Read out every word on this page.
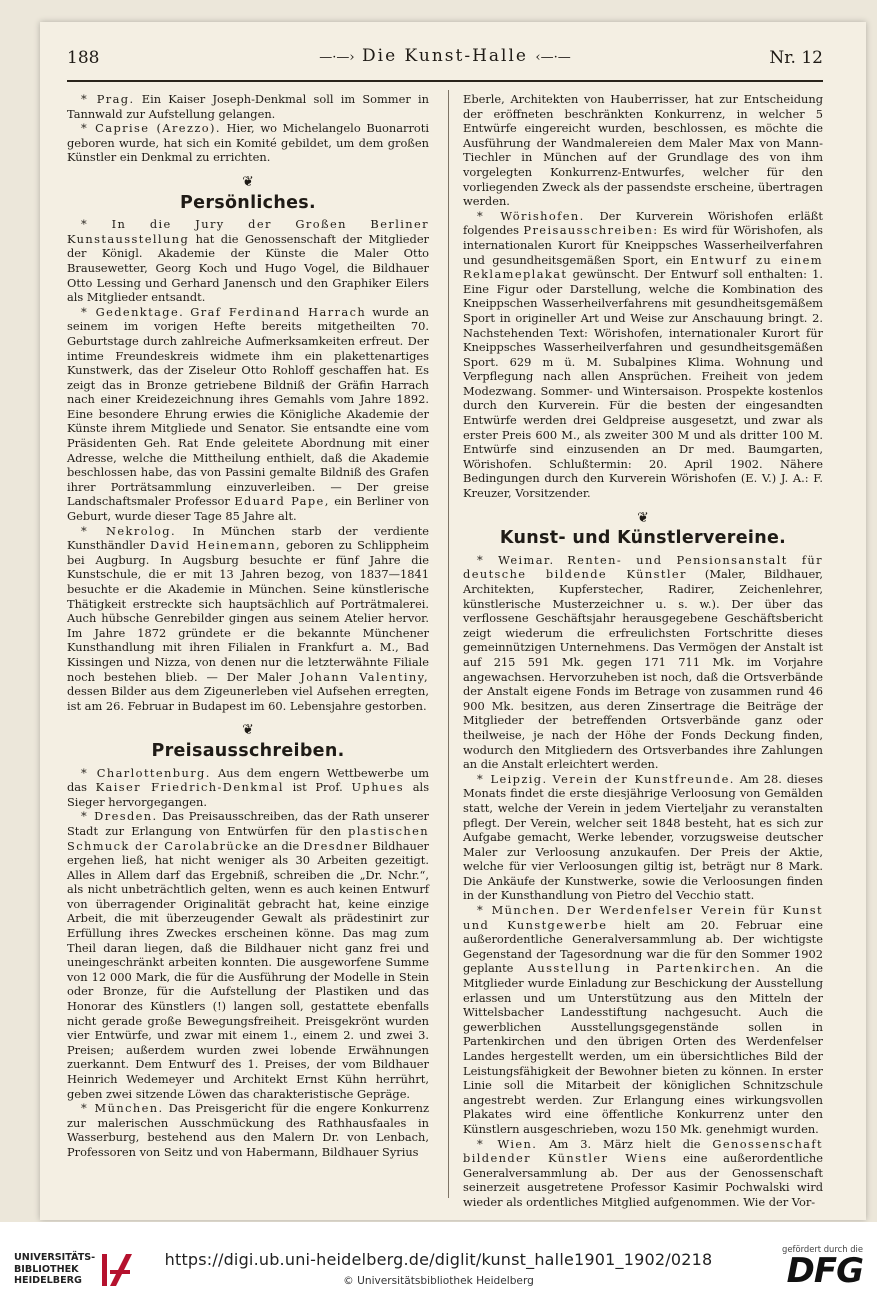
188	—·—› Die Kunst-Halle ‹—·—	Nr. 12

* Prag. Ein Kaiser Joseph-Denkmal soll im Sommer in Tannwald zur Aufstellung gelangen.

* Caprise (Arezzo). Hier, wo Michelangelo Buonarroti geboren wurde, hat sich ein Komité gebildet, um dem großen Künstler ein Denkmal zu errichten.

❦
Persönliches.

* In die Jury der Großen Berliner Kunstausstellung hat die Genossenschaft der Mitglieder der Königl. Akademie der Künste die Maler Otto Brausewetter, Georg Koch und Hugo Vogel, die Bildhauer Otto Lessing und Gerhard Janensch und den Graphiker Eilers als Mitglieder entsandt.

* Gedenktage. Graf Ferdinand Harrach wurde an seinem im vorigen Hefte bereits mitgetheilten 70. Geburtstage durch zahlreiche Aufmerksamkeiten erfreut. Der intime Freundeskreis widmete ihm ein plakettenartiges Kunstwerk, das der Ziseleur Otto Rohloff geschaffen hat. Es zeigt das in Bronze getriebene Bildniß der Gräfin Harrach nach einer Kreidezeichnung ihres Gemahls vom Jahre 1892. Eine besondere Ehrung erwies die Königliche Akademie der Künste ihrem Mitgliede und Senator. Sie entsandte eine vom Präsidenten Geh. Rat Ende geleitete Abordnung mit einer Adresse, welche die Mittheilung enthielt, daß die Akademie beschlossen habe, das von Passini gemalte Bildniß des Grafen ihrer Porträtsammlung einzuverleiben. — Der greise Landschaftsmaler Professor Eduard Pape, ein Berliner von Geburt, wurde dieser Tage 85 Jahre alt.

* Nekrolog. In München starb der verdiente Kunsthändler David Heinemann, geboren zu Schlippheim bei Augburg. In Augsburg besuchte er fünf Jahre die Kunstschule, die er mit 13 Jahren bezog, von 1837—1841 besuchte er die Akademie in München. Seine künstlerische Thätigkeit erstreckte sich hauptsächlich auf Porträtmalerei. Auch hübsche Genrebilder gingen aus seinem Atelier hervor. Im Jahre 1872 gründete er die bekannte Münchener Kunsthandlung mit ihren Filialen in Frankfurt a. M., Bad Kissingen und Nizza, von denen nur die letzterwähnte Filiale noch bestehen blieb. — Der Maler Johann Valentiny, dessen Bilder aus dem Zigeunerleben viel Aufsehen erregten, ist am 26. Februar in Budapest im 60. Lebensjahre gestorben.

❦
Preisausschreiben.

* Charlottenburg. Aus dem engern Wettbewerbe um das Kaiser Friedrich-Denkmal ist Prof. Uphues als Sieger hervorgegangen.

* Dresden. Das Preisausschreiben, das der Rath unserer Stadt zur Erlangung von Entwürfen für den plastischen Schmuck der Carolabrücke an die Dresdner Bildhauer ergehen ließ, hat nicht weniger als 30 Arbeiten gezeitigt. Alles in Allem darf das Ergebniß, schreiben die „Dr. Nchr.“, als nicht unbeträchtlich gelten, wenn es auch keinen Entwurf von überragender Originalität gebracht hat, keine einzige Arbeit, die mit überzeugender Gewalt als prädestinirt zur Erfüllung ihres Zweckes erscheinen könne. Das mag zum Theil daran liegen, daß die Bildhauer nicht ganz frei und uneingeschränkt arbeiten konnten. Die ausgeworfene Summe von 12 000 Mark, die für die Ausführung der Modelle in Stein oder Bronze, für die Aufstellung der Plastiken und das Honorar des Künstlers (!) langen soll, gestattete ebenfalls nicht gerade große Bewegungsfreiheit. Preisgekrönt wurden vier Entwürfe, und zwar mit einem 1., einem 2. und zwei 3. Preisen; außerdem wurden zwei lobende Erwähnungen zuerkannt. Dem Entwurf des 1. Preises, der vom Bildhauer Heinrich Wedemeyer und Architekt Ernst Kühn herrührt, geben zwei sitzende Löwen das charakteristische Gepräge.

* München. Das Preisgericht für die engere Konkurrenz zur malerischen Ausschmückung des Rathhausfaales in Wasserburg, bestehend aus den Malern Dr. von Lenbach, Professoren von Seitz und von Habermann, Bildhauer Syrius

Eberle, Architekten von Hauberrisser, hat zur Entscheidung der eröffneten beschränkten Konkurrenz, in welcher 5 Entwürfe eingereicht wurden, beschlossen, es möchte die Ausführung der Wandmalereien dem Maler Max von Mann-Tiechler in München auf der Grundlage des von ihm vorgelegten Konkurrenz-Entwurfes, welcher für den vorliegenden Zweck als der passendste erscheine, übertragen werden.

* Wörishofen. Der Kurverein Wörishofen erläßt folgendes Preisausschreiben: Es wird für Wörishofen, als internationalen Kurort für Kneippsches Wasserheilverfahren und gesundheitsgemäßen Sport, ein Entwurf zu einem Reklameplakat gewünscht. Der Entwurf soll enthalten: 1. Eine Figur oder Darstellung, welche die Kombination des Kneippschen Wasserheilverfahrens mit gesundheitsgemäßem Sport in origineller Art und Weise zur Anschauung bringt. 2. Nachstehenden Text: Wörishofen, internationaler Kurort für Kneippsches Wasserheilverfahren und gesundheitsgemäßen Sport. 629 m ü. M. Subalpines Klima. Wohnung und Verpflegung nach allen Ansprüchen. Freiheit von jedem Modezwang. Sommer- und Wintersaison. Prospekte kostenlos durch den Kurverein. Für die besten der eingesandten Entwürfe werden drei Geldpreise ausgesetzt, und zwar als erster Preis 600 M., als zweiter 300 M und als dritter 100 M. Entwürfe sind einzusenden an Dr med. Baumgarten, Wörishofen. Schlußtermin: 20. April 1902. Nähere Bedingungen durch den Kurverein Wörishofen (E. V.) J. A.: F. Kreuzer, Vorsitzender.

❦
Kunst- und Künstlervereine.

* Weimar. Renten- und Pensionsanstalt für deutsche bildende Künstler (Maler, Bildhauer, Architekten, Kupferstecher, Radirer, Zeichenlehrer, künstlerische Musterzeichner u. s. w.). Der über das verflossene Geschäftsjahr herausgegebene Geschäftsbericht zeigt wiederum die erfreulichsten Fortschritte dieses gemeinnützigen Unternehmens. Das Vermögen der Anstalt ist auf 215 591 Mk. gegen 171 711 Mk. im Vorjahre angewachsen. Hervorzuheben ist noch, daß die Ortsverbände der Anstalt eigene Fonds im Betrage von zusammen rund 46 900 Mk. besitzen, aus deren Zinsertrage die Beiträge der Mitglieder der betreffenden Ortsverbände ganz oder theilweise, je nach der Höhe der Fonds Deckung finden, wodurch den Mitgliedern des Ortsverbandes ihre Zahlungen an die Anstalt erleichtert werden.

* Leipzig. Verein der Kunstfreunde. Am 28. dieses Monats findet die erste diesjährige Verloosung von Gemälden statt, welche der Verein in jedem Vierteljahr zu veranstalten pflegt. Der Verein, welcher seit 1848 besteht, hat es sich zur Aufgabe gemacht, Werke lebender, vorzugsweise deutscher Maler zur Verloosung anzukaufen. Der Preis der Aktie, welche für vier Verloosungen giltig ist, beträgt nur 8 Mark. Die Ankäufe der Kunstwerke, sowie die Verloosungen finden in der Kunsthandlung von Pietro del Vecchio statt.

* München. Der Werdenfelser Verein für Kunst und Kunstgewerbe hielt am 20. Februar eine außerordentliche Generalversammlung ab. Der wichtigste Gegenstand der Tagesordnung war die für den Sommer 1902 geplante Ausstellung in Partenkirchen. An die Mitglieder wurde Einladung zur Beschickung der Ausstellung erlassen und um Unterstützung aus den Mitteln der Wittelsbacher Landesstiftung nachgesucht. Auch die gewerblichen Ausstellungsgegenstände sollen in Partenkirchen und den übrigen Orten des Werdenfelser Landes hergestellt werden, um ein übersichtliches Bild der Leistungsfähigkeit der Bewohner bieten zu können. In erster Linie soll die Mitarbeit der königlichen Schnitzschule angestrebt werden. Zur Erlangung eines wirkungsvollen Plakates wird eine öffentliche Konkurrenz unter den Künstlern ausgeschrieben, wozu 150 Mk. genehmigt wurden.

* Wien. Am 3. März hielt die Genossenschaft bildender Künstler Wiens eine außerordentliche Generalversammlung ab. Der aus der Genossenschaft seinerzeit ausgetretene Professor Kasimir Pochwalski wird wieder als ordentliches Mitglied aufgenommen. Wie der Vor-

UNIVERSITÄTS-
BIBLIOTHEK
HEIDELBERG
https://digi.ub.uni-heidelberg.de/diglit/kunst_halle1901_1902/0218
© Universitätsbibliothek Heidelberg
gefördert durch die
DFG
